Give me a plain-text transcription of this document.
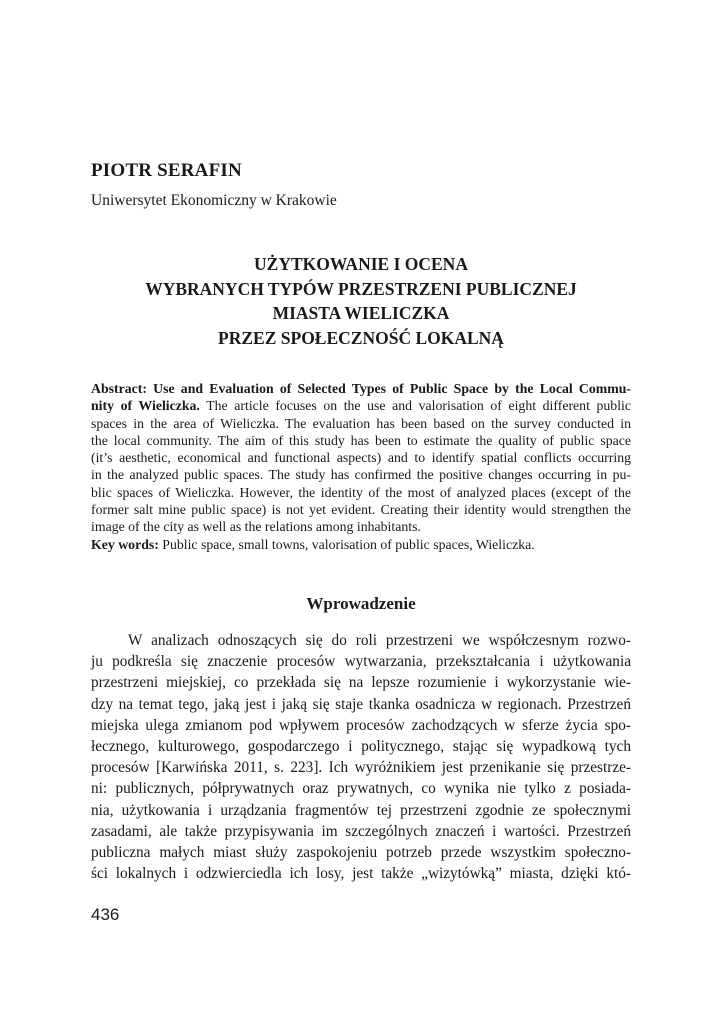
PIOTR SERAFIN
Uniwersytet Ekonomiczny w Krakowie
UŻYTKOWANIE I OCENA
WYBRANYCH TYPÓW PRZESTRZENI PUBLICZNEJ
MIASTA WIELICZKA
PRZEZ SPOŁECZNOŚĆ LOKALNĄ
Abstract: Use and Evaluation of Selected Types of Public Space by the Local Commu-
nity of Wieliczka. The article focuses on the use and valorisation of eight different public
spaces in the area of Wieliczka. The evaluation has been based on the survey conducted in
the local community. The aim of this study has been to estimate the quality of public space
(it’s aesthetic, economical and functional aspects) and to identify spatial conflicts occurring
in the analyzed public spaces. The study has confirmed the positive changes occurring in pu-
blic spaces of Wieliczka. However, the identity of the most of analyzed places (except of the
former salt mine public space) is not yet evident. Creating their identity would strengthen the
image of the city as well as the relations among inhabitants.
Key words: Public space, small towns, valorisation of public spaces, Wieliczka.
Wprowadzenie
W analizach odnoszących się do roli przestrzeni we współczesnym rozwo-
ju podkreśla się znaczenie procesów wytwarzania, przekształcania i użytkowania
przestrzeni miejskiej, co przekłada się na lepsze rozumienie i wykorzystanie wie-
dzy na temat tego, jaką jest i jaką się staje tkanka osadnicza w regionach. Przestrzeń
miejska ulega zmianom pod wpływem procesów zachodzących w sferze życia spo-
łecznego, kulturowego, gospodarczego i politycznego, stając się wypadkową tych
procesów [Karwińska 2011, s. 223]. Ich wyróżnikiem jest przenikanie się przestrze-
ni: publicznych, półprywatnych oraz prywatnych, co wynika nie tylko z posiada-
nia, użytkowania i urządzania fragmentów tej przestrzeni zgodnie ze społecznymi
zasadami, ale także przypisywania im szczególnych znaczeń i wartości. Przestrzeń
publiczna małych miast służy zaspokojeniu potrzeb przede wszystkim społeczno-
ści lokalnych i odzwierciedla ich losy, jest także „wizytówką” miasta, dzięki któ-
436
